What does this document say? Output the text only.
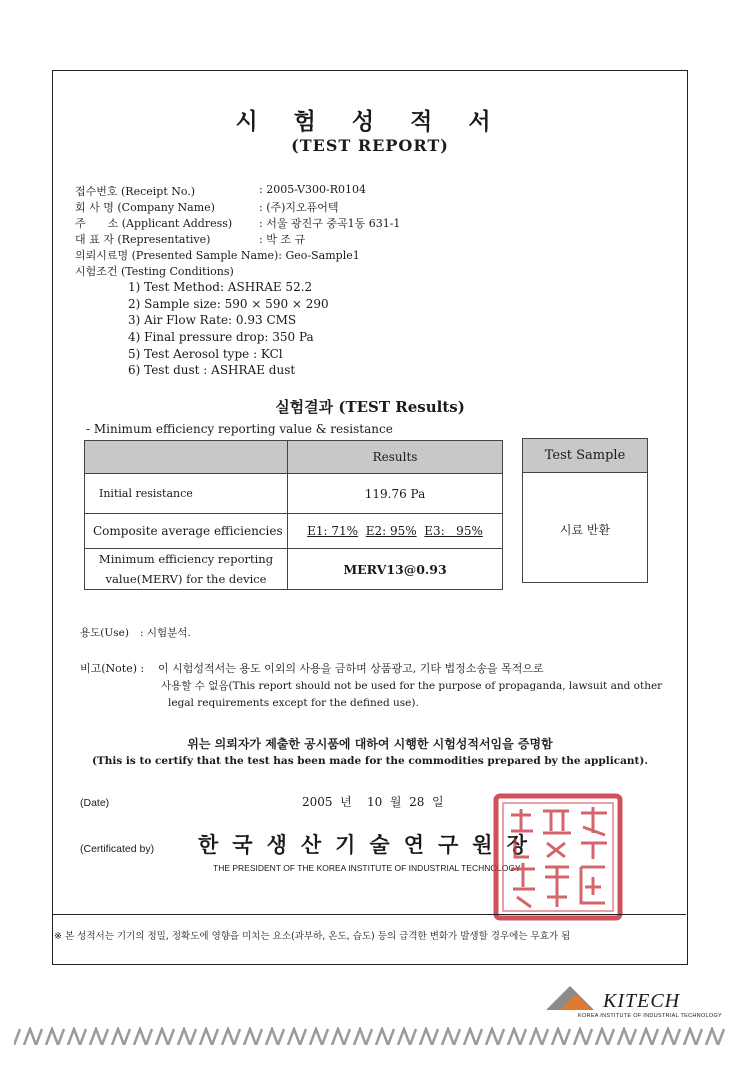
시 험 성 적 서
(TEST REPORT)
접수번호 (Receipt No.)	: 2005-V300-R0104
회 사 명 (Company Name)	: (주)지오퓨어텍
주　　소 (Applicant Address) : 서울 광진구 중곡1동 631-1
대 표 자 (Representative)	: 박 조 규
의뢰시료명 (Presented Sample Name): Geo-Sample1
시험조건 (Testing Conditions)
1) Test Method: ASHRAE 52.2
2) Sample size: 590 × 590 × 290
3) Air Flow Rate: 0.93 CMS
4) Final pressure drop: 350 Pa
5) Test Aerosol type : KCl
6) Test dust : ASHRAE dust
실험결과 (TEST Results)
- Minimum efficiency reporting value & resistance
	Results
Initial resistance	119.76 Pa
Composite average efficiencies	E1: 71% E2: 95% E3:   95%

Minimum efficiency reporting
value(MERV) for the device	MERV13@0.93
Test Sample
시료 반환
용도(Use) : 시험분석.
비고(Note) : 이 시험성적서는 용도 이외의 사용을 금하며 상품광고, 기타 법정소송을 목적으로
사용할 수 없음(This report should not be used for the purpose of propaganda, lawsuit and other
legal requirements except for the defined use).
위는 의뢰자가 제출한 공시품에 대하여 시행한 시험성적서임을 증명함
(This is to certify that the test has been made for the commodities prepared by the applicant).
(Date)	2005  년    10  월  28  일
(Certificated by) 한국생산기술연구원장
THE PRESIDENT OF THE KOREA INSTITUTE OF INDUSTRIAL TECHNOLOGY
※ 본 성적서는 기기의 정밀, 정확도에 영향을 미치는 요소(과부하, 온도, 습도) 등의 급격한 변화가 발생할 경우에는 무효가 됨
KITECH
KOREA INSTITUTE OF INDUSTRIAL TECHNOLOGY
